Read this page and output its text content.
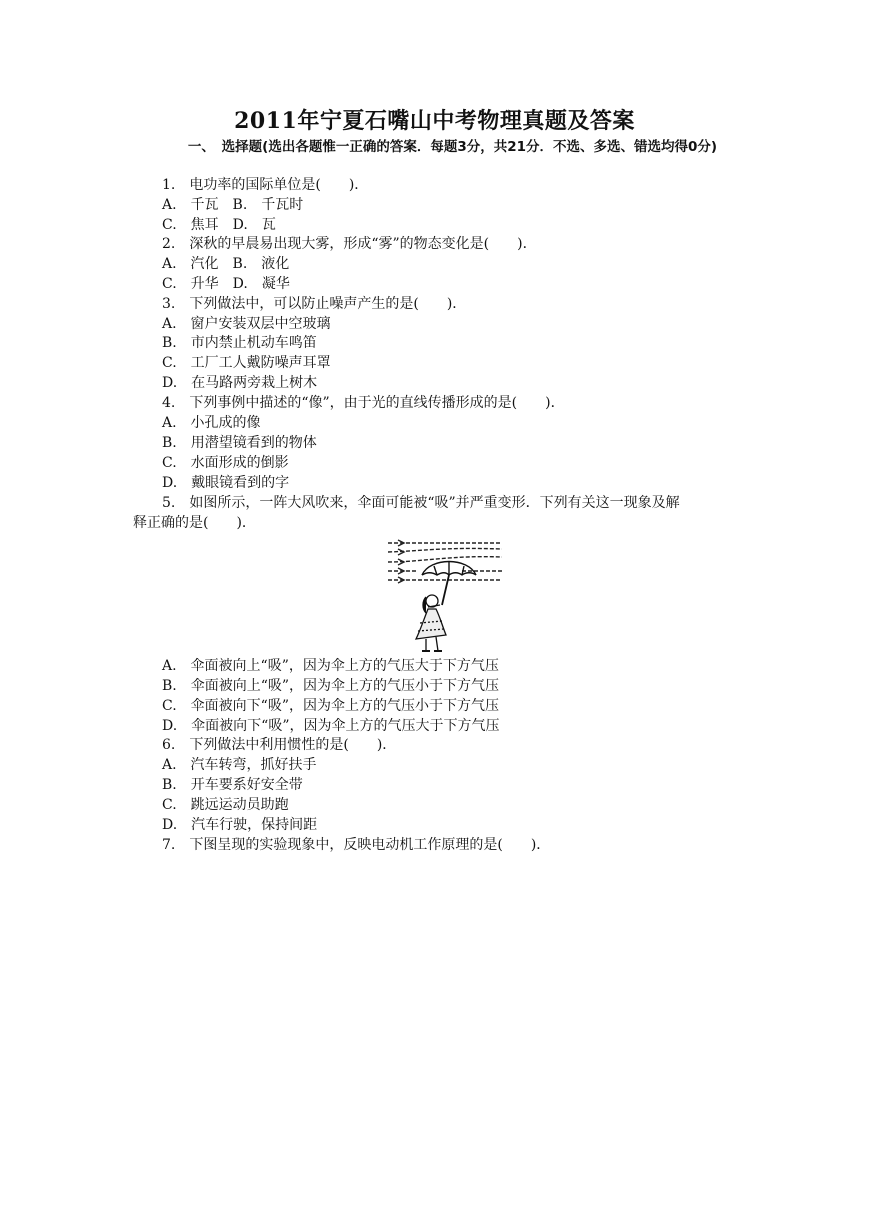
2011年宁夏石嘴山中考物理真题及答案
一、　选择题(选出各题惟一正确的答案．每题3分，共21分．不选、多选、错选均得0分)
1.　电功率的国际单位是(　　)．
A.　千瓦　B.　千瓦时
C.　焦耳　D.　瓦
2.　深秋的早晨易出现大雾，形成“雾”的物态变化是(　　)．
A.　汽化　B.　液化
C.　升华　D.　凝华
3.　下列做法中，可以防止噪声产生的是(　　)．
A.　窗户安装双层中空玻璃
B.　市内禁止机动车鸣笛
C.　工厂工人戴防噪声耳罩
D.　在马路两旁栽上树木
4.　下列事例中描述的“像”，由于光的直线传播形成的是(　　)．
A.　小孔成的像
B.　用潜望镜看到的物体
C.　水面形成的倒影
D.　戴眼镜看到的字
5.　如图所示，一阵大风吹来，伞面可能被“吸”并严重变形．下列有关这一现象及解
释正确的是(　　)．
A.　伞面被向上“吸”，因为伞上方的气压大于下方气压
B.　伞面被向上“吸”，因为伞上方的气压小于下方气压
C.　伞面被向下“吸”，因为伞上方的气压小于下方气压
D.　伞面被向下“吸”，因为伞上方的气压大于下方气压
6.　下列做法中利用惯性的是(　　)．
A.　汽车转弯，抓好扶手
B.　开车要系好安全带
C.　跳远运动员助跑
D.　汽车行驶，保持间距
7.　下图呈现的实验现象中，反映电动机工作原理的是(　　)．
